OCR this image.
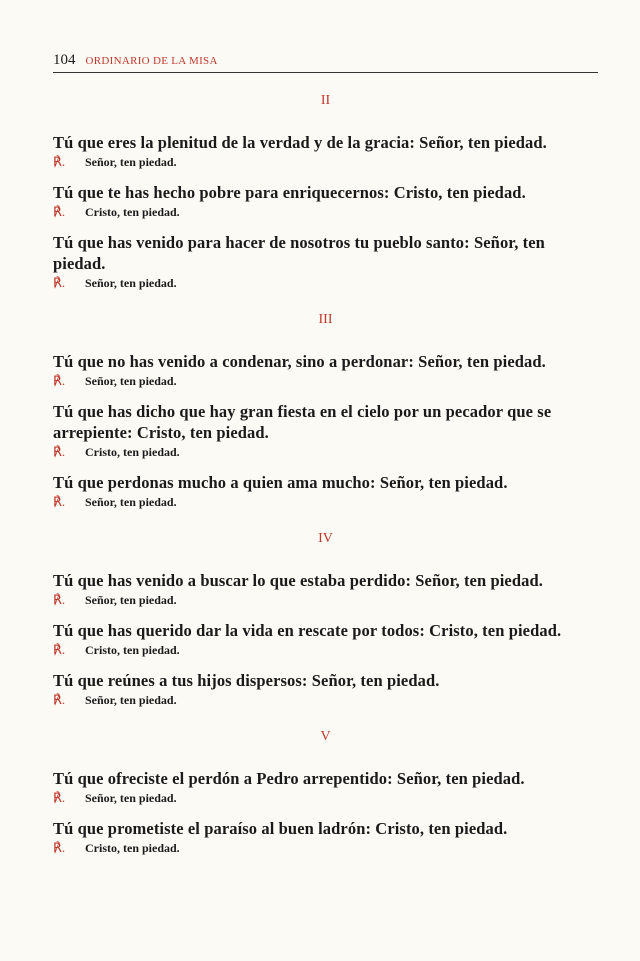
104 ORDINARIO DE LA MISA
II

Tú que eres la plenitud de la verdad y de la gracia: Señor, ten piedad.

℟.	Señor, ten piedad.

Tú que te has hecho pobre para enriquecernos: Cristo, ten piedad.

℟.	Cristo, ten piedad.

Tú que has venido para hacer de nosotros tu pueblo santo: Señor, ten piedad.

℟.	Señor, ten piedad.
III

Tú que no has venido a condenar, sino a perdonar: Señor, ten piedad.

℟.	Señor, ten piedad.

Tú que has dicho que hay gran fiesta en el cielo por un pecador que se arrepiente: Cristo, ten piedad.

℟.	Cristo, ten piedad.

Tú que perdonas mucho a quien ama mucho: Señor, ten piedad.

℟.	Señor, ten piedad.
IV

Tú que has venido a buscar lo que estaba perdido: Señor, ten piedad.

℟.	Señor, ten piedad.

Tú que has querido dar la vida en rescate por todos: Cristo, ten piedad.

℟.	Cristo, ten piedad.

Tú que reúnes a tus hijos dispersos: Señor, ten piedad.

℟.	Señor, ten piedad.
V

Tú que ofreciste el perdón a Pedro arrepentido: Señor, ten piedad.

℟.	Señor, ten piedad.

Tú que prometiste el paraíso al buen ladrón: Cristo, ten piedad.

℟.	Cristo, ten piedad.
